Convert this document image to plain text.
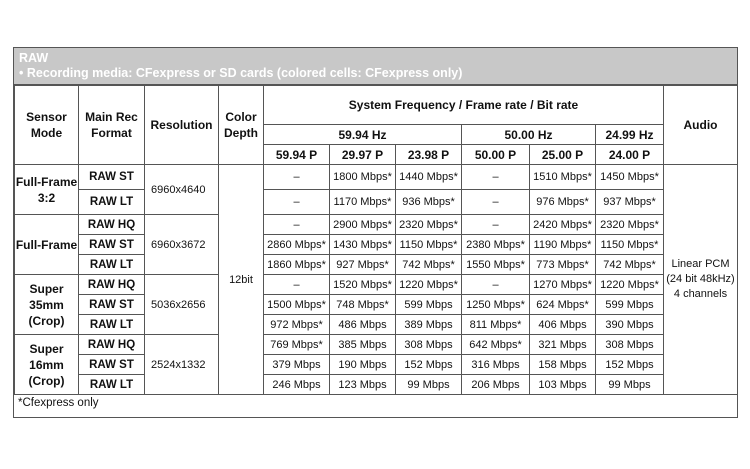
RAW
• Recording media: CFexpress or SD cards (colored cells: CFexpress only)
Sensor Mode	Main Rec Format	Resolution	Color Depth	System Frequency / Frame rate / Bit rate						Audio
				59.94 Hz			50.00 Hz		24.99 Hz	
				59.94 P	29.97 P	23.98 P	50.00 P	25.00 P	24.00 P	
Full-Frame 3:2	RAW ST	6960x4640	12bit	–	1800 Mbps*	1440 Mbps*	–	1510 Mbps*	1450 Mbps*	Linear PCM (24 bit 48kHz) 4 channels
	RAW LT			–	1170 Mbps*	936 Mbps*	–	976 Mbps*	937 Mbps*	
Full-Frame	RAW HQ	6960x3672		–	2900 Mbps*	2320 Mbps*	–	2420 Mbps*	2320 Mbps*	
	RAW ST			2860 Mbps*	1430 Mbps*	1150 Mbps*	2380 Mbps*	1190 Mbps*	1150 Mbps*	
	RAW LT			1860 Mbps*	927 Mbps*	742 Mbps*	1550 Mbps*	773 Mbps*	742 Mbps*	
Super 35mm (Crop)	RAW HQ	5036x2656		–	1520 Mbps*	1220 Mbps*	–	1270 Mbps*	1220 Mbps*	
	RAW ST			1500 Mbps*	748 Mbps*	599 Mbps	1250 Mbps*	624 Mbps*	599 Mbps	
	RAW LT			972 Mbps*	486 Mbps	389 Mbps	811 Mbps*	406 Mbps	390 Mbps	
Super 16mm (Crop)	RAW HQ	2524x1332		769 Mbps*	385 Mbps	308 Mbps	642 Mbps*	321 Mbps	308 Mbps	
	RAW ST			379 Mbps	190 Mbps	152 Mbps	316 Mbps	158 Mbps	152 Mbps	
	RAW LT			246 Mbps	123 Mbps	99 Mbps	206 Mbps	103 Mbps	99 Mbps	
*Cfexpress only
